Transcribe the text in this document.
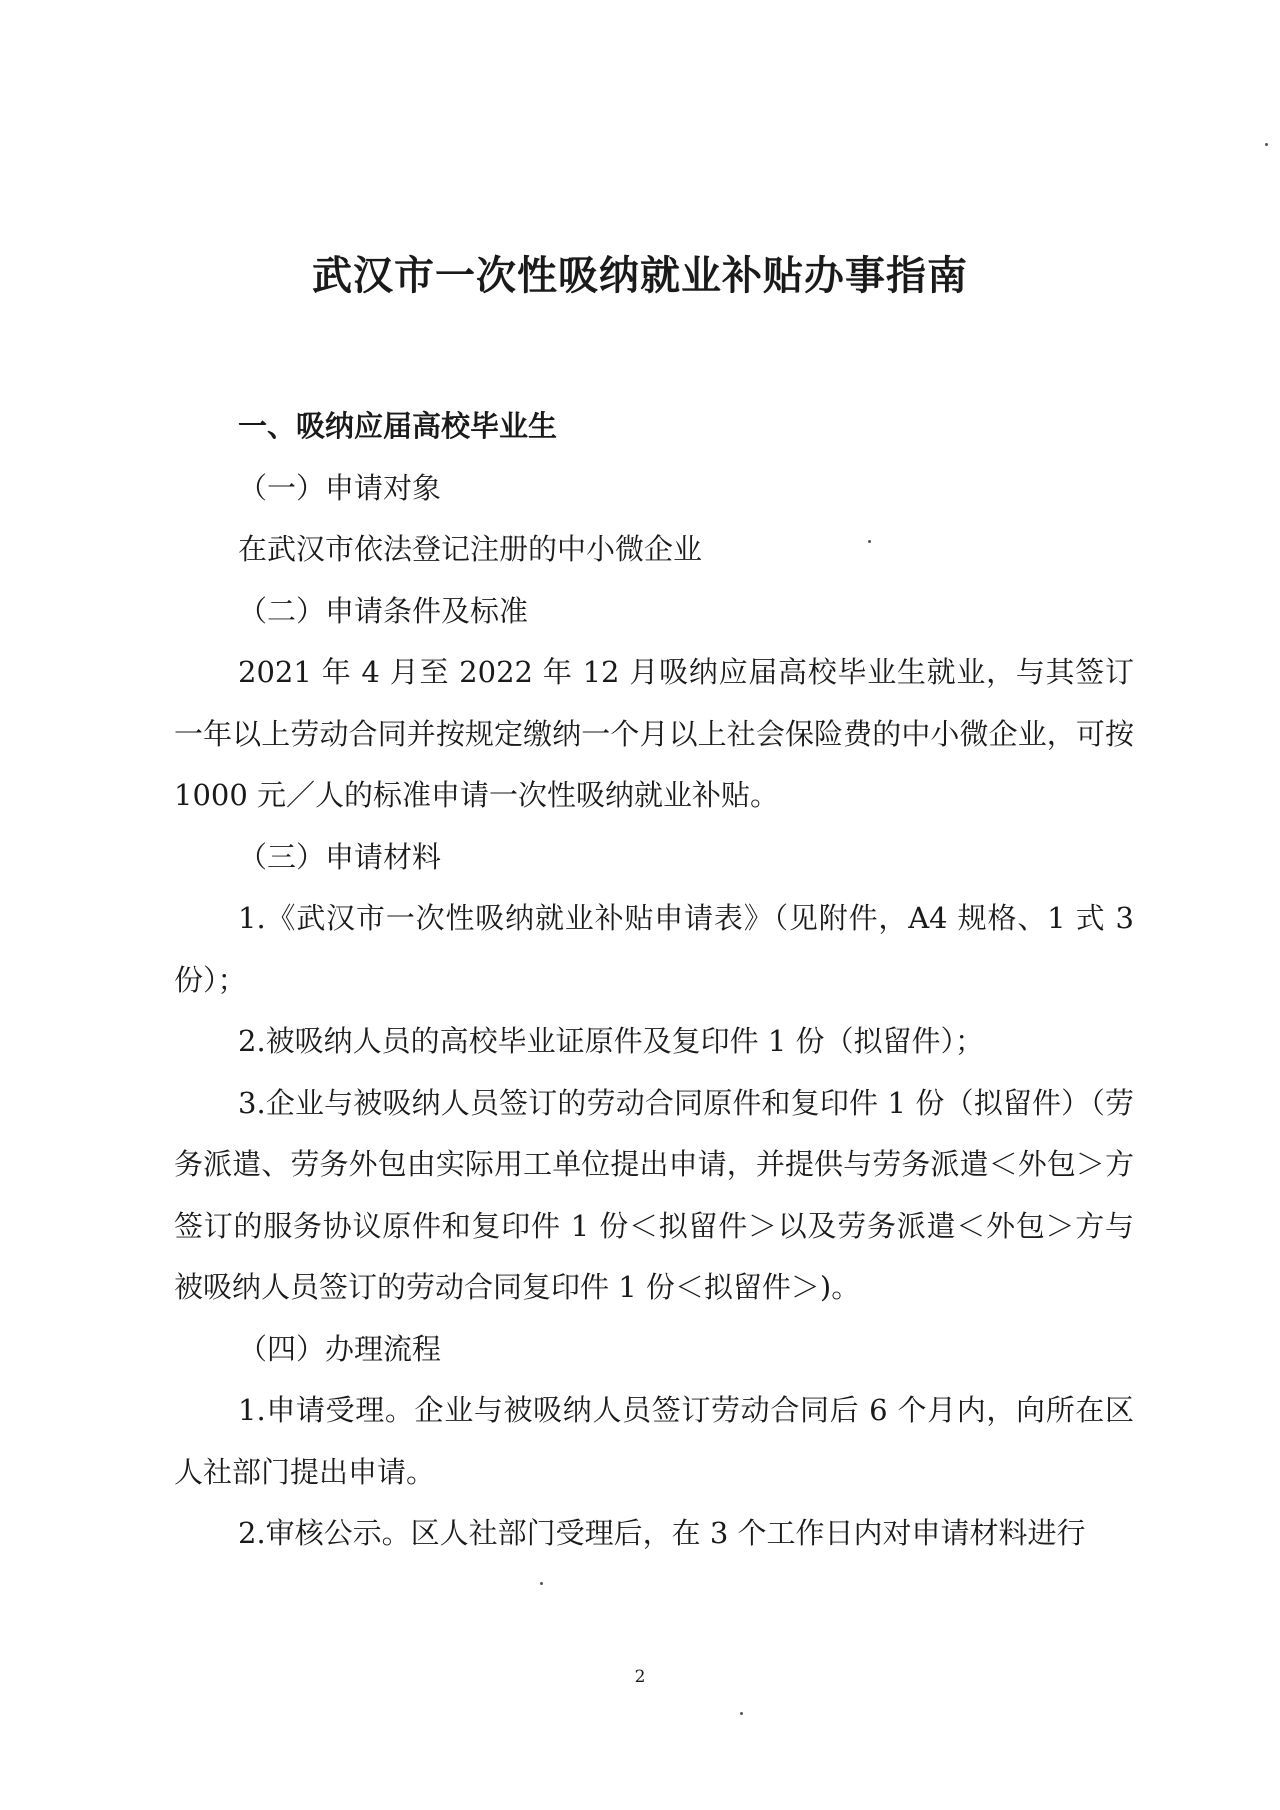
武汉市一次性吸纳就业补贴办事指南

一、吸纳应届高校毕业生

（一）申请对象

在武汉市依法登记注册的中小微企业

（二）申请条件及标准

2021 年 4 月至 2022 年 12 月吸纳应届高校毕业生就业，与其签订一年以上劳动合同并按规定缴纳一个月以上社会保险费的中小微企业，可按 1000 元／人的标准申请一次性吸纳就业补贴。

（三）申请材料

1.《武汉市一次性吸纳就业补贴申请表》（见附件，A4 规格、1 式 3 份）；

2.被吸纳人员的高校毕业证原件及复印件 1 份（拟留件）；

3.企业与被吸纳人员签订的劳动合同原件和复印件 1 份（拟留件）（劳务派遣、劳务外包由实际用工单位提出申请，并提供与劳务派遣＜外包＞方签订的服务协议原件和复印件 1 份＜拟留件＞以及劳务派遣＜外包＞方与被吸纳人员签订的劳动合同复印件 1 份＜拟留件＞)。

（四）办理流程

1.申请受理。企业与被吸纳人员签订劳动合同后 6 个月内，向所在区人社部门提出申请。

2.审核公示。区人社部门受理后，在 3 个工作日内对申请材料进行

2
